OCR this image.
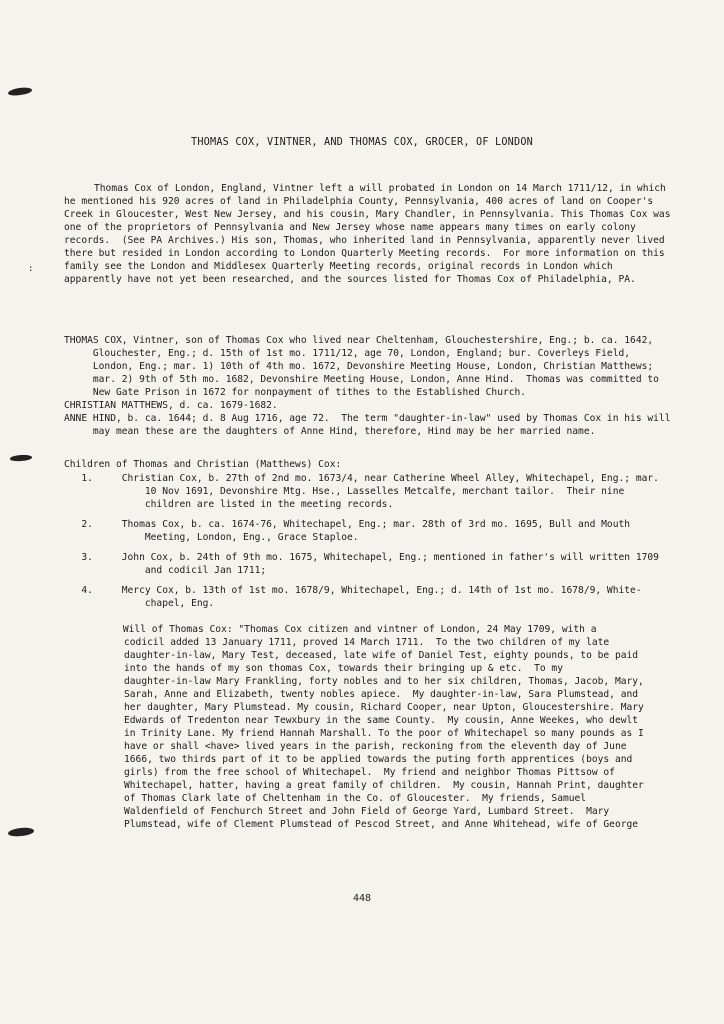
:
THOMAS COX, VINTNER, AND THOMAS COX, GROCER, OF LONDON
Thomas Cox of London, England, Vintner left a will probated in London on 14 March 1711/12, in which
he mentioned his 920 acres of land in Philadelphia County, Pennsylvania, 400 acres of land on Cooper's
Creek in Gloucester, West New Jersey, and his cousin, Mary Chandler, in Pennsylvania. This Thomas Cox was
one of the proprietors of Pennsylvania and New Jersey whose name appears many times on early colony
records.  (See PA Archives.) His son, Thomas, who inherited land in Pennsylvania, apparently never lived
there but resided in London according to London Quarterly Meeting records.  For more information on this
family see the London and Middlesex Quarterly Meeting records, original records in London which
apparently have not yet been researched, and the sources listed for Thomas Cox of Philadelphia, PA.
THOMAS COX, Vintner, son of Thomas Cox who lived near Cheltenham, Glouchestershire, Eng.; b. ca. 1642,
Glouchester, Eng.; d. 15th of 1st mo. 1711/12, age 70, London, England; bur. Coverleys Field,
London, Eng.; mar. 1) 10th of 4th mo. 1672, Devonshire Meeting House, London, Christian Matthews;
mar. 2) 9th of 5th mo. 1682, Devonshire Meeting House, London, Anne Hind.  Thomas was committed to
New Gate Prison in 1672 for nonpayment of tithes to the Established Church.
CHRISTIAN MATTHEWS, d. ca. 1679-1682.
ANNE HIND, b. ca. 1644; d. 8 Aug 1716, age 72.  The term "daughter-in-law" used by Thomas Cox in his will
may mean these are the daughters of Anne Hind, therefore, Hind may be her married name.
Children of Thomas and Christian (Matthews) Cox:
1.     Christian Cox, b. 27th of 2nd mo. 1673/4, near Catherine Wheel Alley, Whitechapel, Eng.; mar.
10 Nov 1691, Devonshire Mtg. Hse., Lasselles Metcalfe, merchant tailor.  Their nine
children are listed in the meeting records.
2.     Thomas Cox, b. ca. 1674-76, Whitechapel, Eng.; mar. 28th of 3rd mo. 1695, Bull and Mouth
Meeting, London, Eng., Grace Staploe.
3.     John Cox, b. 24th of 9th mo. 1675, Whitechapel, Eng.; mentioned in father's will written 1709
and codicil Jan 1711;
4.     Mercy Cox, b. 13th of 1st mo. 1678/9, Whitechapel, Eng.; d. 14th of 1st mo. 1678/9, White-
chapel, Eng.
Will of Thomas Cox: "Thomas Cox citizen and vintner of London, 24 May 1709, with a
codicil added 13 January 1711, proved 14 March 1711.  To the two children of my late
daughter-in-law, Mary Test, deceased, late wife of Daniel Test, eighty pounds, to be paid
into the hands of my son thomas Cox, towards their bringing up & etc.  To my
daughter-in-law Mary Frankling, forty nobles and to her six children, Thomas, Jacob, Mary,
Sarah, Anne and Elizabeth, twenty nobles apiece.  My daughter-in-law, Sara Plumstead, and
her daughter, Mary Plumstead. My cousin, Richard Cooper, near Upton, Gloucestershire. Mary
Edwards of Tredenton near Tewxbury in the same County.  My cousin, Anne Weekes, who dewlt
in Trinity Lane. My friend Hannah Marshall. To the poor of Whitechapel so many pounds as I
have or shall <have> lived years in the parish, reckoning from the eleventh day of June
1666, two thirds part of it to be applied towards the puting forth apprentices (boys and
girls) from the free school of Whitechapel.  My friend and neighbor Thomas Pittsow of
Whitechapel, hatter, having a great family of children.  My cousin, Hannah Print, daughter
of Thomas Clark late of Cheltenham in the Co. of Gloucester.  My friends, Samuel
Waldenfield of Fenchurch Street and John Field of George Yard, Lumbard Street.  Mary
Plumstead, wife of Clement Plumstead of Pescod Street, and Anne Whitehead, wife of George
448
